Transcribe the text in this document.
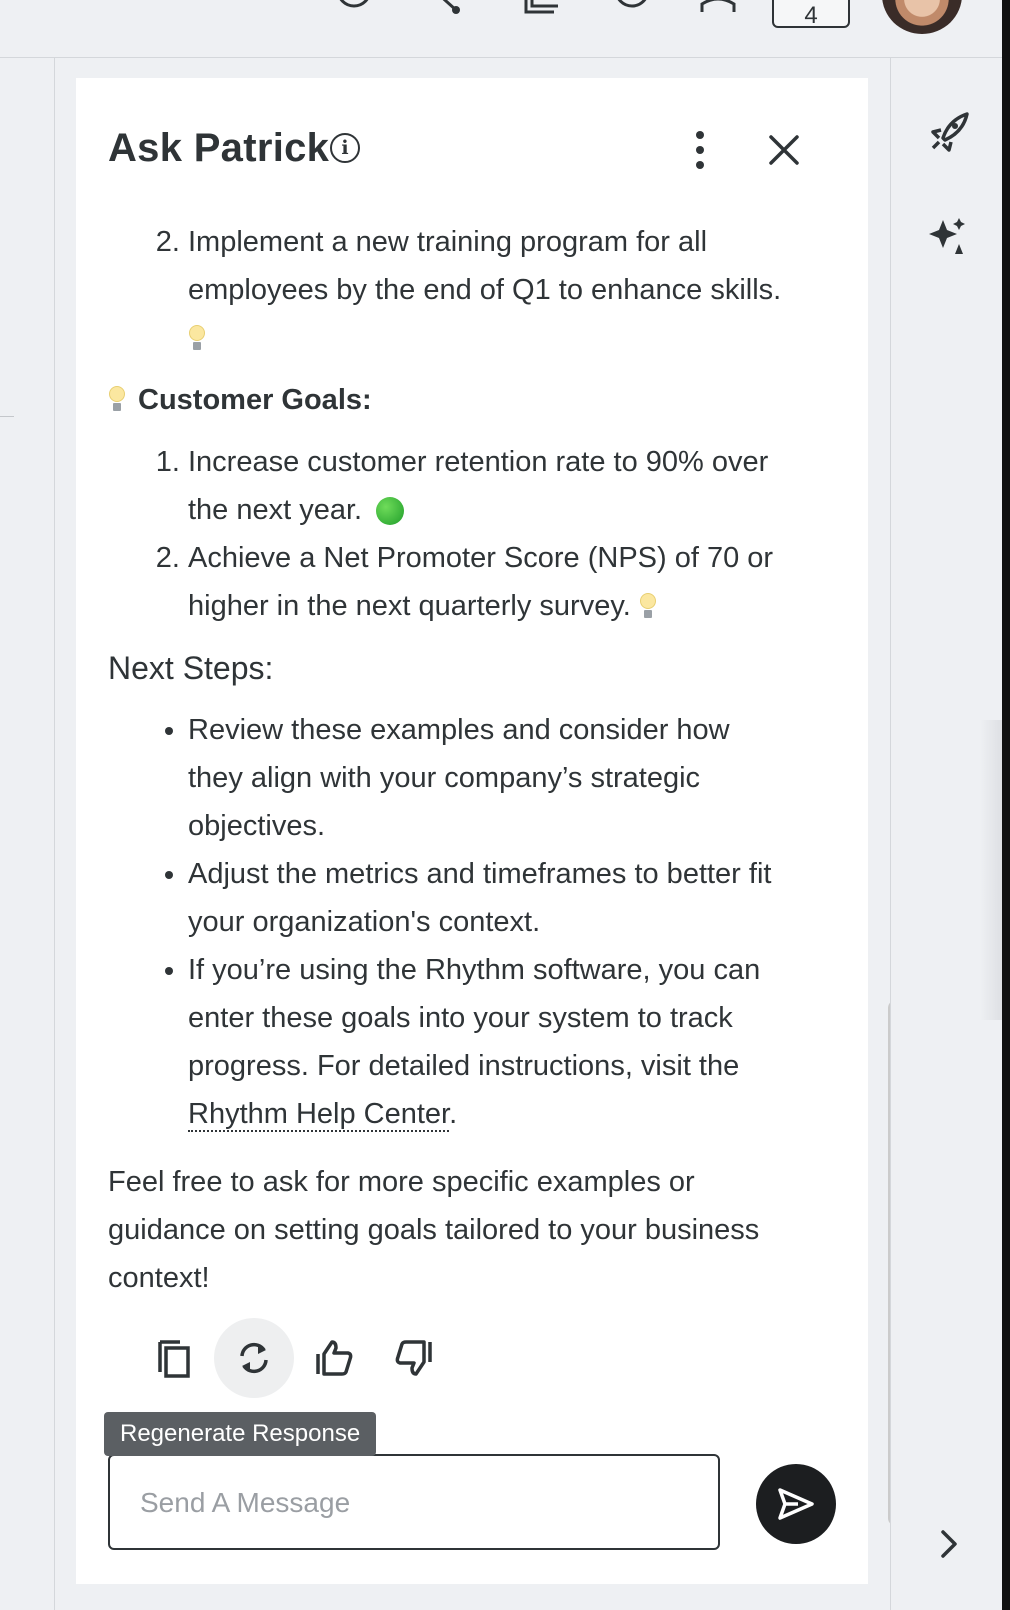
4
Ask Patrick i
2. Implement a new training program for all employees by the end of Q1 to enhance skills.

Customer Goals:
1. Increase customer retention rate to 90% over the next year.
2. Achieve a Net Promoter Score (NPS) of 70 or higher in the next quarterly survey.
Next Steps:
• Review these examples and consider how they align with your company’s strategic objectives.
• Adjust the metrics and timeframes to better fit your organization's context.
• If you’re using the Rhythm software, you can enter these goals into your system to track progress. For detailed instructions, visit the Rhythm Help Center.

Feel free to ask for more specific examples or guidance on setting goals tailored to your business context!

Regenerate Response
Send A Message
